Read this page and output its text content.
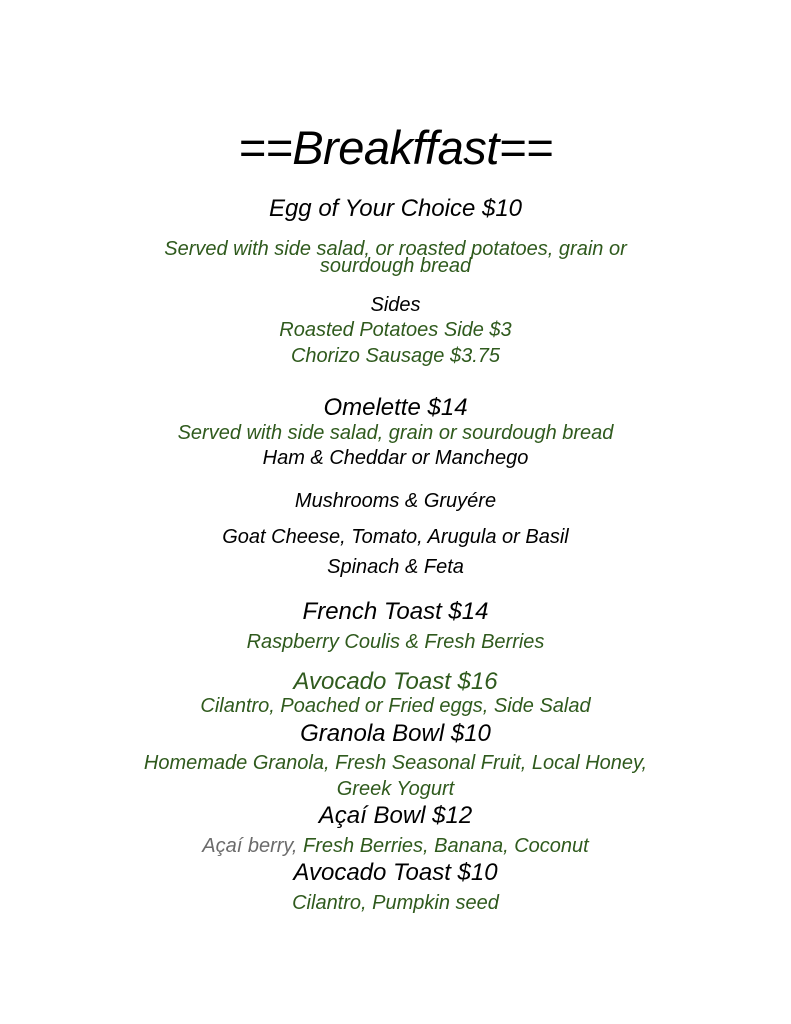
==Breakffast==
Egg of Your Choice $10
Served with side salad, or roasted potatoes, grain or
sourdough bread
Sides
Roasted Potatoes Side $3
Chorizo Sausage $3.75
Omelette $14
Served with side salad, grain or sourdough bread
Ham & Cheddar or Manchego
Mushrooms & Gruyére
Goat Cheese, Tomato, Arugula or Basil
Spinach & Feta
French Toast $14
Raspberry Coulis & Fresh Berries
Avocado Toast $16
Cilantro, Poached or Fried eggs, Side Salad
Granola Bowl $10
Homemade Granola, Fresh Seasonal Fruit, Local Honey,
Greek Yogurt
Açaí Bowl $12
Açaí berry, Fresh Berries, Banana, Coconut
Avocado Toast $10
Cilantro, Pumpkin seed
